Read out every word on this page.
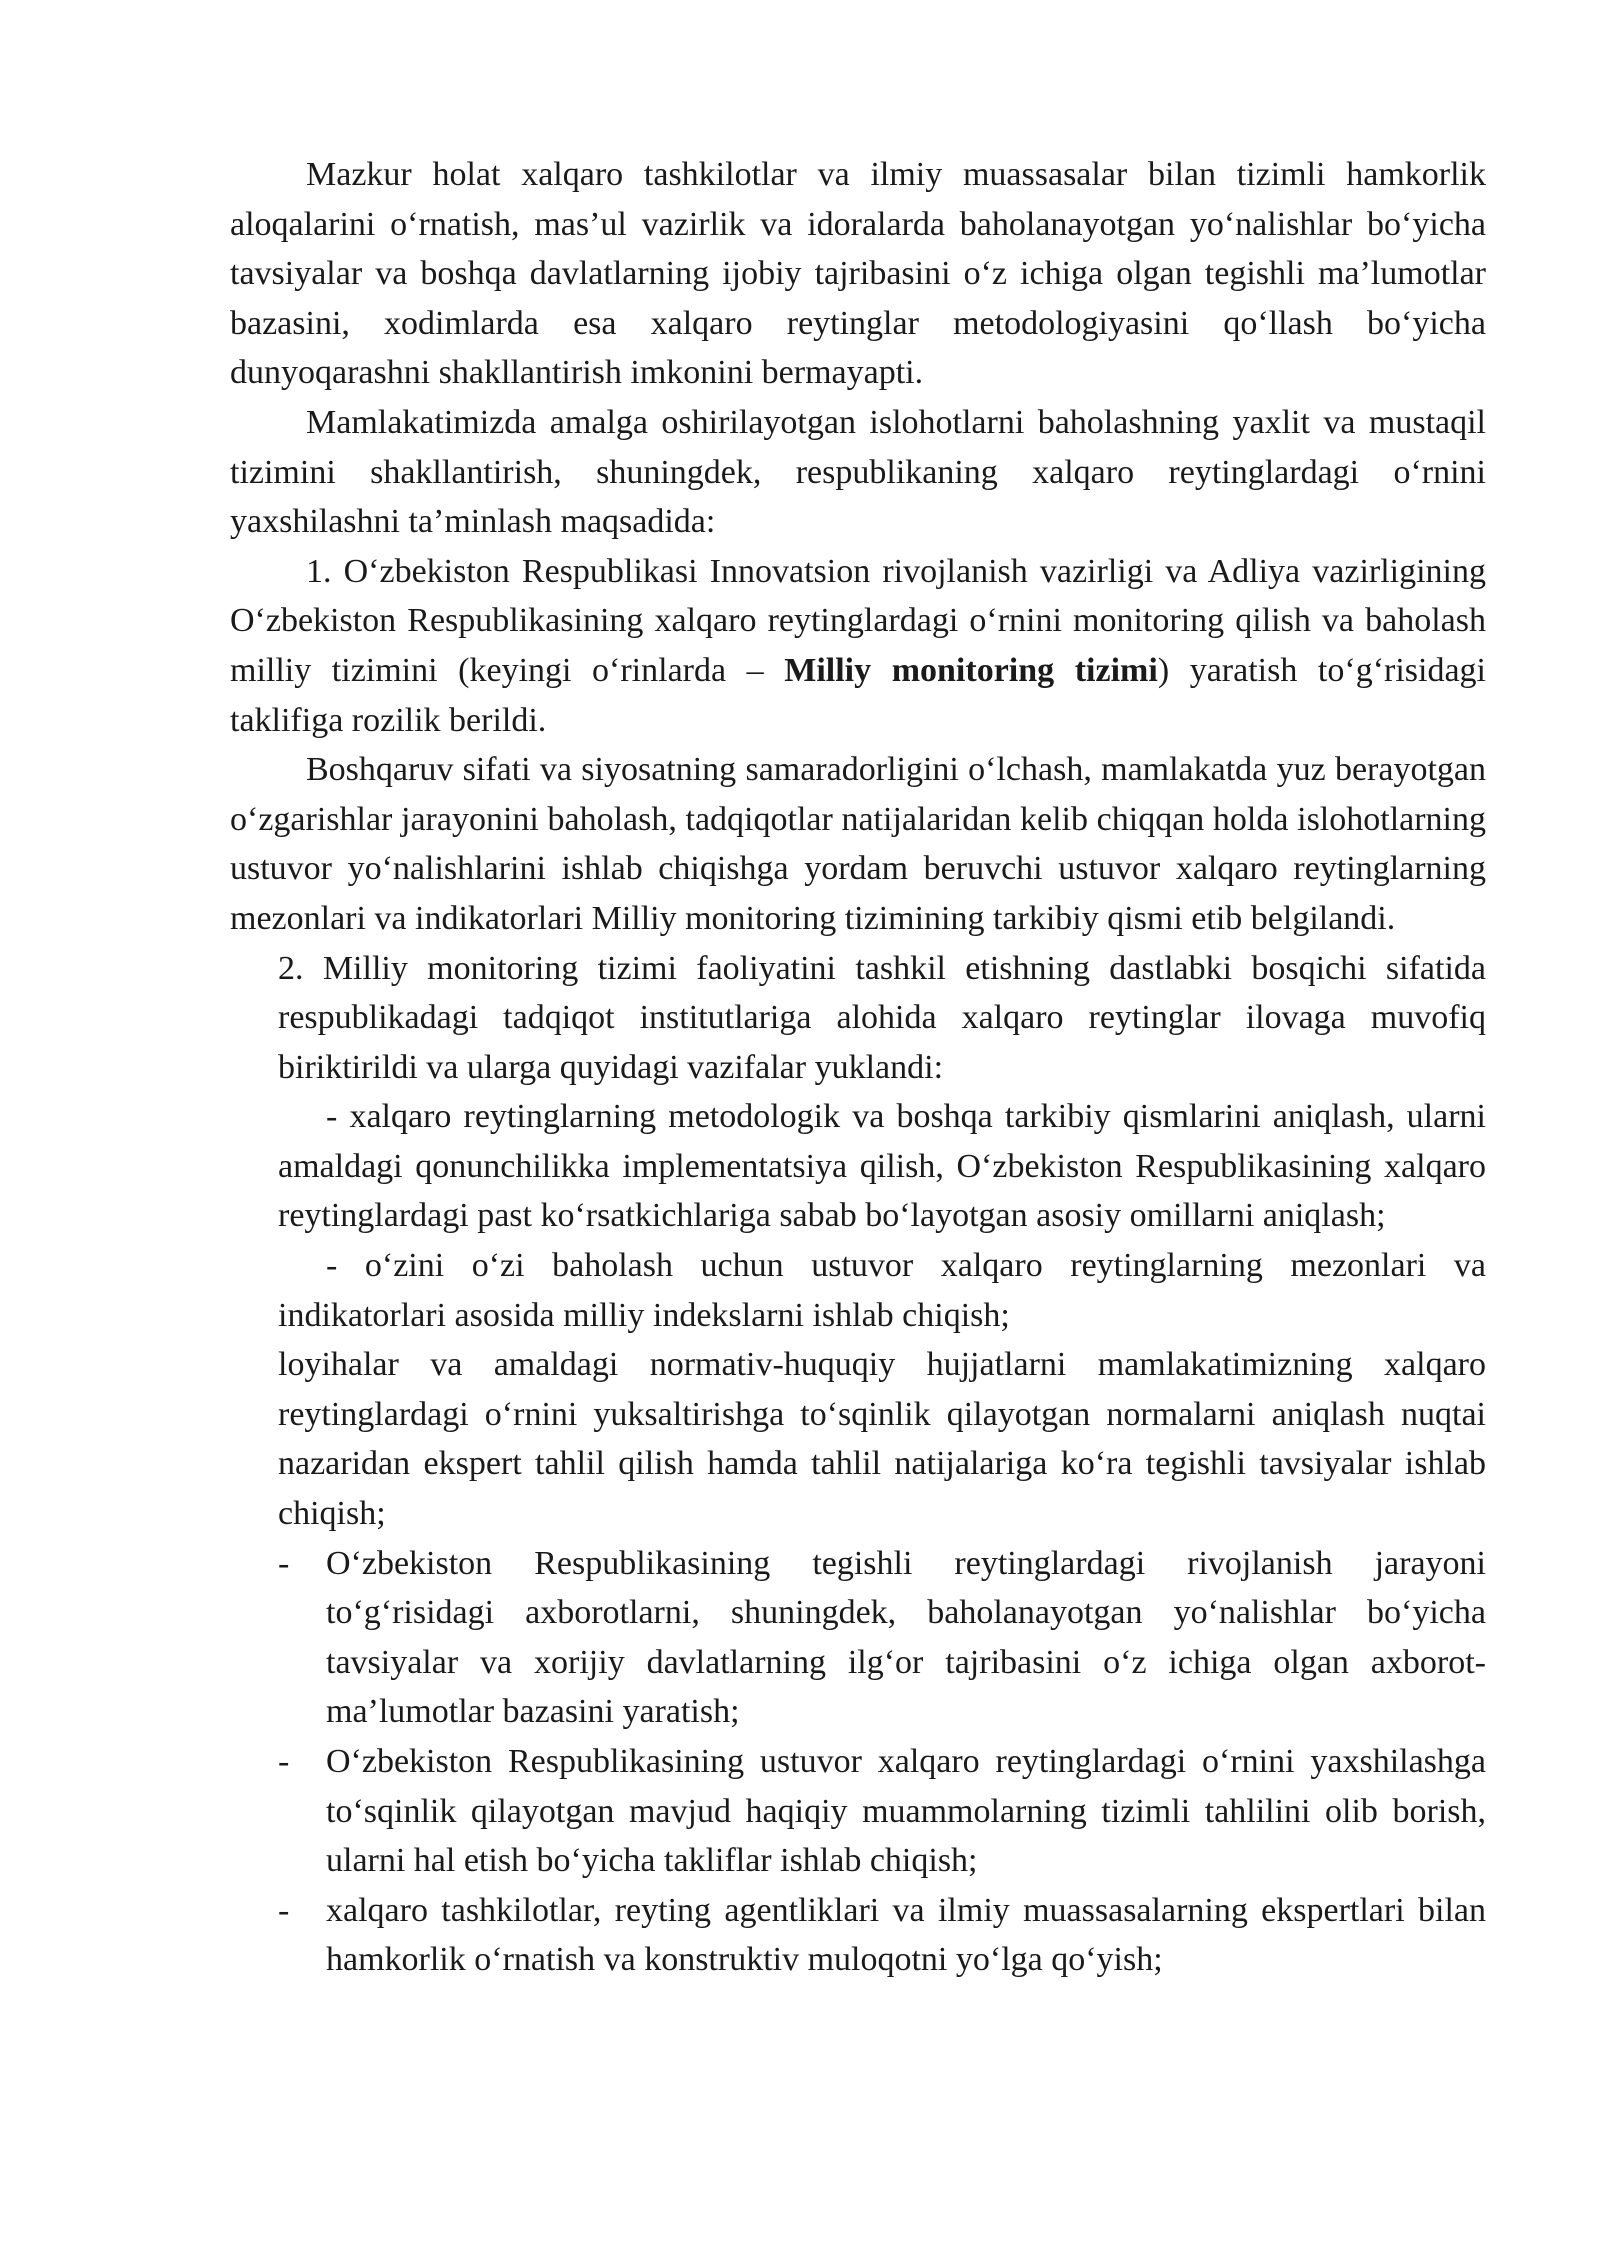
Mazkur holat xalqaro tashkilotlar va ilmiy muassasalar bilan tizimli hamkorlik aloqalarini o‘rnatish, mas’ul vazirlik va idoralarda baholanayotgan yo‘nalishlar bo‘yicha tavsiyalar va boshqa davlatlarning ijobiy tajribasini o‘z ichiga olgan tegishli ma’lumotlar bazasini, xodimlarda esa xalqaro reytinglar metodologiyasini qo‘llash bo‘yicha dunyoqarashni shakllantirish imkonini bermayapti.

Mamlakatimizda amalga oshirilayotgan islohotlarni baholashning yaxlit va mustaqil tizimini shakllantirish, shuningdek, respublikaning xalqaro reytinglardagi o‘rnini yaxshilashni ta’minlash maqsadida:

1. O‘zbekiston Respublikasi Innovatsion rivojlanish vazirligi va Adliya vazirligining O‘zbekiston Respublikasining xalqaro reytinglardagi o‘rnini monitoring qilish va baholash milliy tizimini (keyingi o‘rinlarda – Milliy monitoring tizimi) yaratish to‘g‘risidagi taklifiga rozilik berildi.

Boshqaruv sifati va siyosatning samaradorligini o‘lchash, mamlakatda yuz berayotgan o‘zgarishlar jarayonini baholash, tadqiqotlar natijalaridan kelib chiqqan holda islohotlarning ustuvor yo‘nalishlarini ishlab chiqishga yordam beruvchi ustuvor xalqaro reytinglarning mezonlari va indikatorlari Milliy monitoring tizimining tarkibiy qismi etib belgilandi.

2. Milliy monitoring tizimi faoliyatini tashkil etishning dastlabki bosqichi sifatida respublikadagi tadqiqot institutlariga alohida xalqaro reytinglar ilovaga muvofiq biriktirildi va ularga quyidagi vazifalar yuklandi:

- xalqaro reytinglarning metodologik va boshqa tarkibiy qismlarini aniqlash, ularni amaldagi qonunchilikka implementatsiya qilish, O‘zbekiston Respublikasining xalqaro reytinglardagi past ko‘rsatkichlariga sabab bo‘layotgan asosiy omillarni aniqlash;

- o‘zini o‘zi baholash uchun ustuvor xalqaro reytinglarning mezonlari va indikatorlari asosida milliy indekslarni ishlab chiqish;

loyihalar va amaldagi normativ-huquqiy hujjatlarni mamlakatimizning xalqaro reytinglardagi o‘rnini yuksaltirishga to‘sqinlik qilayotgan normalarni aniqlash nuqtai nazaridan ekspert tahlil qilish hamda tahlil natijalariga ko‘ra tegishli tavsiyalar ishlab chiqish;

- O‘zbekiston Respublikasining tegishli reytinglardagi rivojlanish jarayoni to‘g‘risidagi axborotlarni, shuningdek, baholanayotgan yo‘nalishlar bo‘yicha tavsiyalar va xorijiy davlatlarning ilg‘or tajribasini o‘z ichiga olgan axborot-ma’lumotlar bazasini yaratish;

- O‘zbekiston Respublikasining ustuvor xalqaro reytinglardagi o‘rnini yaxshilashga to‘sqinlik qilayotgan mavjud haqiqiy muammolarning tizimli tahlilini olib borish, ularni hal etish bo‘yicha takliflar ishlab chiqish;

- xalqaro tashkilotlar, reyting agentliklari va ilmiy muassasalarning ekspertlari bilan hamkorlik o‘rnatish va konstruktiv muloqotni yo‘lga qo‘yish;
